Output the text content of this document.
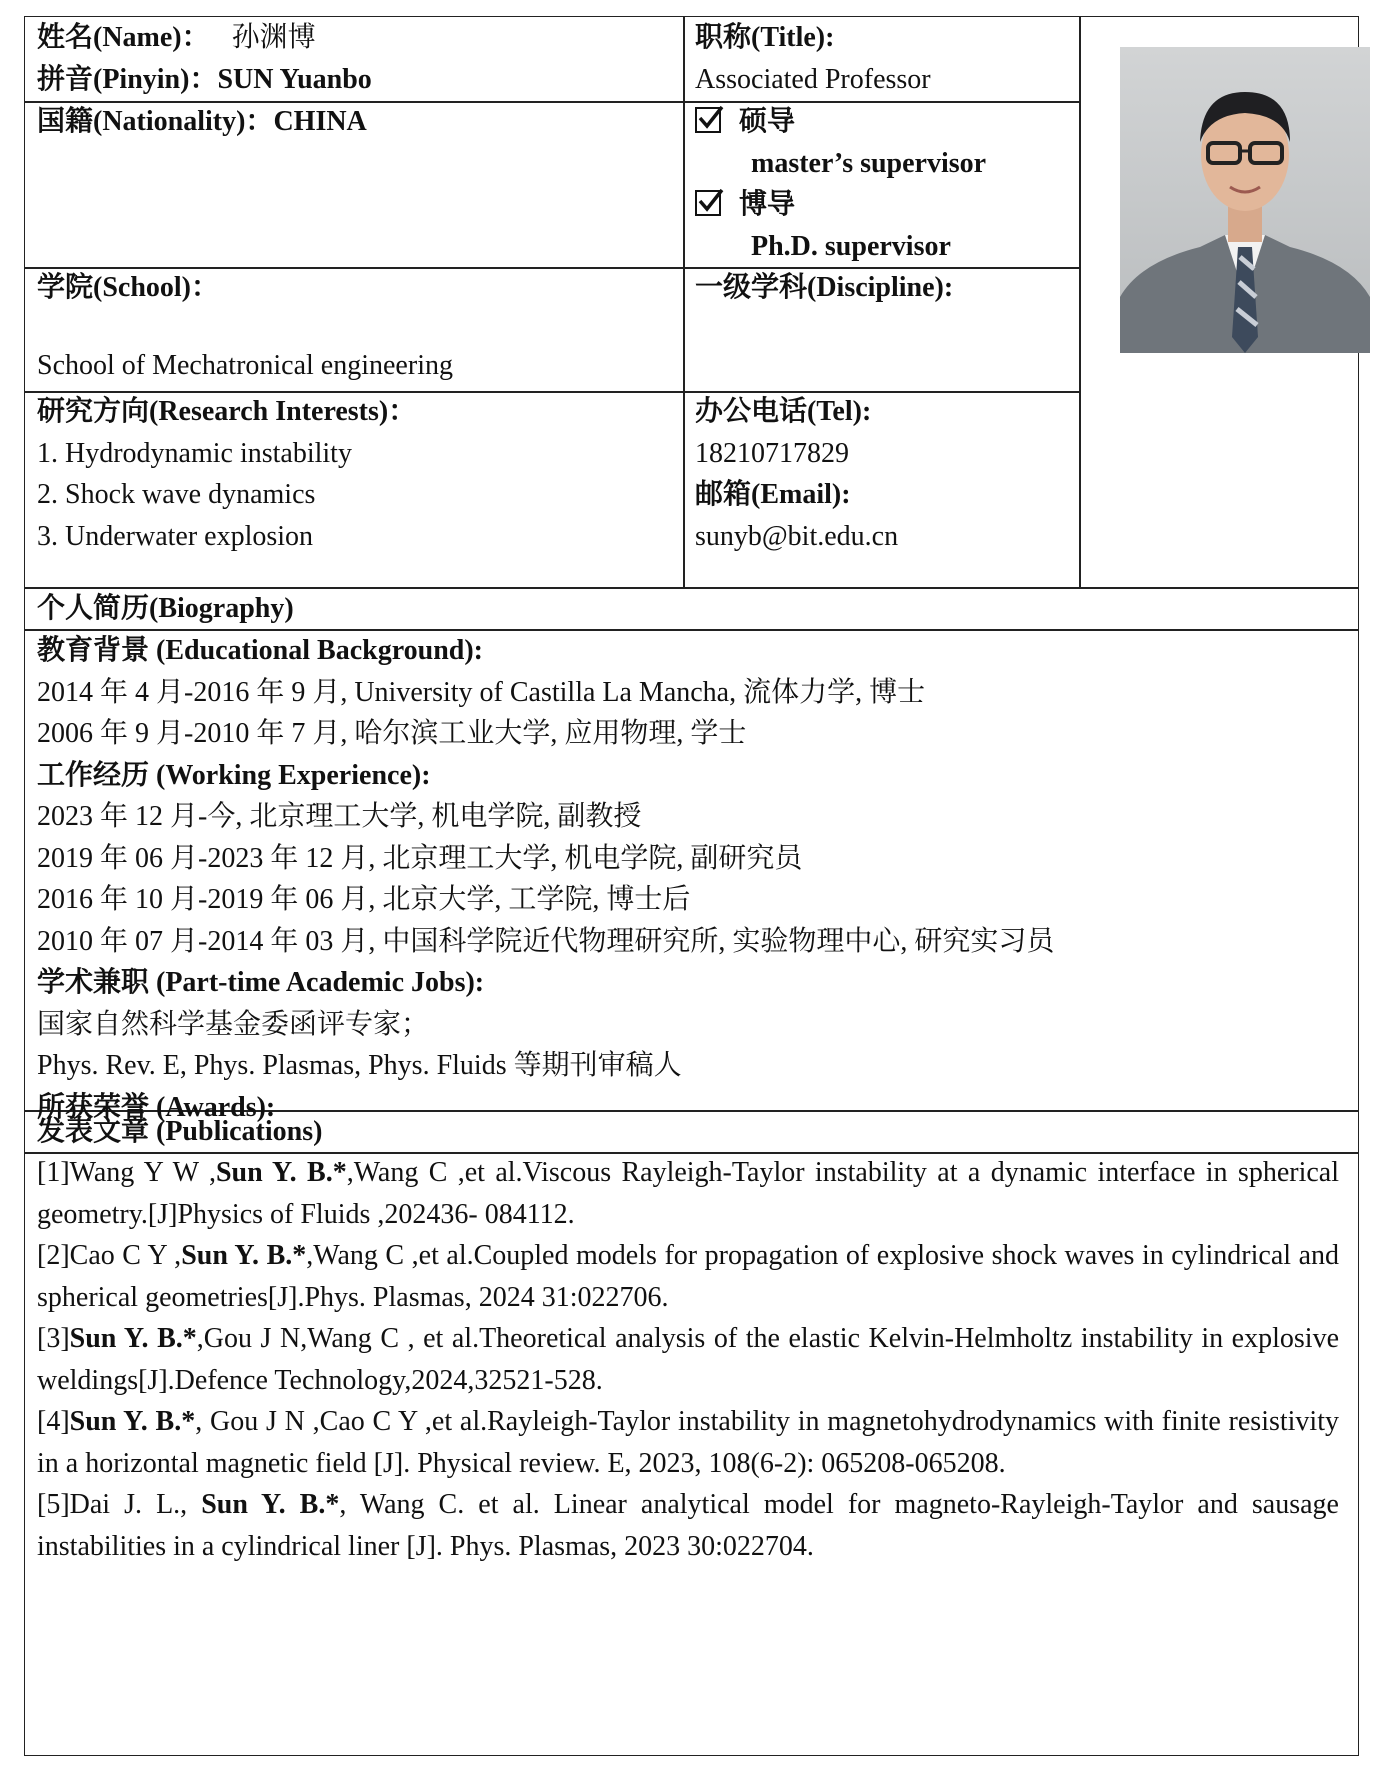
姓名(Name)： 孙渊博
拼音(Pinyin)：SUN Yuanbo
职称(Title):
Associated Professor
国籍(Nationality)：CHINA	硕导
master’s supervisor
博导
Ph.D. supervisor
学院(School)：
School of Mechatronical engineering
一级学科(Discipline):
研究方向(Research Interests)：
1. Hydrodynamic instability
2. Shock wave dynamics
3. Underwater explosion
办公电话(Tel):
18210717829
邮箱(Email):
sunyb@bit.edu.cn
个人简历(Biography)
教育背景 (Educational Background):
2014 年 4 月-2016 年 9 月, University of Castilla La Mancha, 流体力学, 博士
2006 年 9 月-2010 年 7 月, 哈尔滨工业大学, 应用物理, 学士
工作经历 (Working Experience):
2023 年 12 月-今, 北京理工大学, 机电学院, 副教授
2019 年 06 月-2023 年 12 月, 北京理工大学, 机电学院, 副研究员
2016 年 10 月-2019 年 06 月, 北京大学, 工学院, 博士后
2010 年 07 月-2014 年 03 月, 中国科学院近代物理研究所, 实验物理中心, 研究实习员
学术兼职 (Part-time Academic Jobs):
国家自然科学基金委函评专家；
Phys. Rev. E, Phys. Plasmas, Phys. Fluids 等期刊审稿人
所获荣誉 (Awards):
发表文章 (Publications)

[1]Wang Y W ,Sun Y. B.*,Wang C ,et al.Viscous Rayleigh-Taylor instability at a dynamic interface in spherical geometry.[J]Physics of Fluids ,202436- 084112.

[2]Cao C Y ,Sun Y. B.*,Wang C ,et al.Coupled models for propagation of explosive shock waves in cylindrical and spherical geometries[J].Phys. Plasmas, 2024 31:022706.

[3]Sun Y. B.*,Gou J N,Wang C , et al.Theoretical analysis of the elastic Kelvin-Helmholtz instability in explosive weldings[J].Defence Technology,2024,32521-528.

[4]Sun Y. B.*, Gou J N ,Cao C Y ,et al.Rayleigh-Taylor instability in magnetohydrodynamics with finite resistivity in a horizontal magnetic field [J]. Physical review. E, 2023, 108(6-2): 065208-065208.

[5]Dai J. L., Sun Y. B.*, Wang C. et al. Linear analytical model for magneto-Rayleigh-Taylor and sausage instabilities in a cylindrical liner [J]. Phys. Plasmas, 2023 30:022704.
